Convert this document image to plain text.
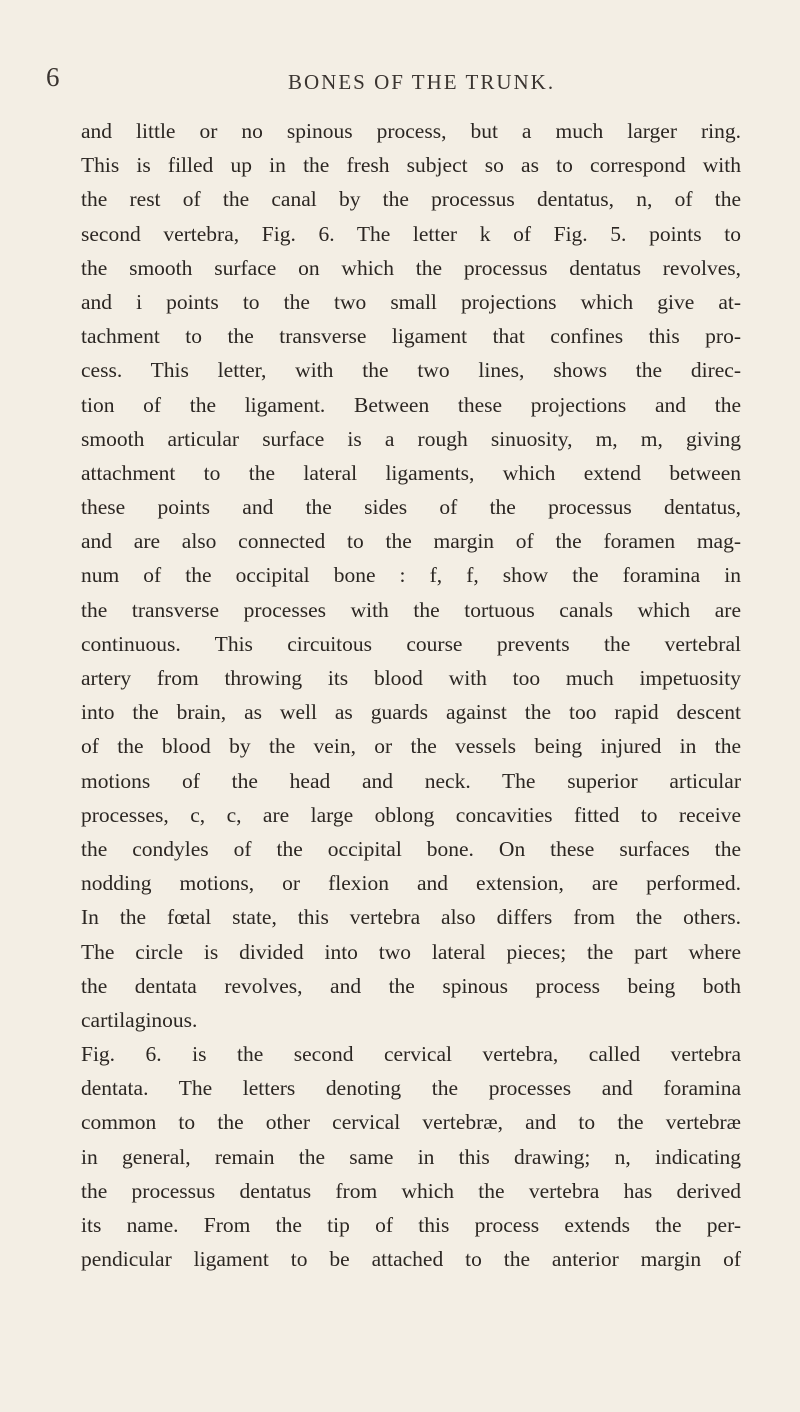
6	BONES OF THE TRUNK.
and little or no spinous process, but a much larger ring.
This is filled up in the fresh subject so as to correspond with
the rest of the canal by the processus dentatus, n, of the
second vertebra, Fig. 6. The letter k of Fig. 5. points to
the smooth surface on which the processus dentatus revolves,
and i points to the two small projections which give at-
tachment to the transverse ligament that confines this pro-
cess. This letter, with the two lines, shows the direc-
tion of the ligament. Between these projections and the
smooth articular surface is a rough sinuosity, m, m, giving
attachment to the lateral ligaments, which extend between
these points and the sides of the processus dentatus,
and are also connected to the margin of the foramen mag-
num of the occipital bone : f, f, show the foramina in
the transverse processes with the tortuous canals which are
continuous. This circuitous course prevents the vertebral
artery from throwing its blood with too much impetuosity
into the brain, as well as guards against the too rapid descent
of the blood by the vein, or the vessels being injured in the
motions of the head and neck. The superior articular
processes, c, c, are large oblong concavities fitted to receive
the condyles of the occipital bone. On these surfaces the
nodding motions, or flexion and extension, are performed.
In the fœtal state, this vertebra also differs from the others.
The circle is divided into two lateral pieces; the part where
the dentata revolves, and the spinous process being both
cartilaginous.
Fig. 6. is the second cervical vertebra, called vertebra
dentata. The letters denoting the processes and foramina
common to the other cervical vertebræ, and to the vertebræ
in general, remain the same in this drawing; n, indicating
the processus dentatus from which the vertebra has derived
its name. From the tip of this process extends the per-
pendicular ligament to be attached to the anterior margin of
